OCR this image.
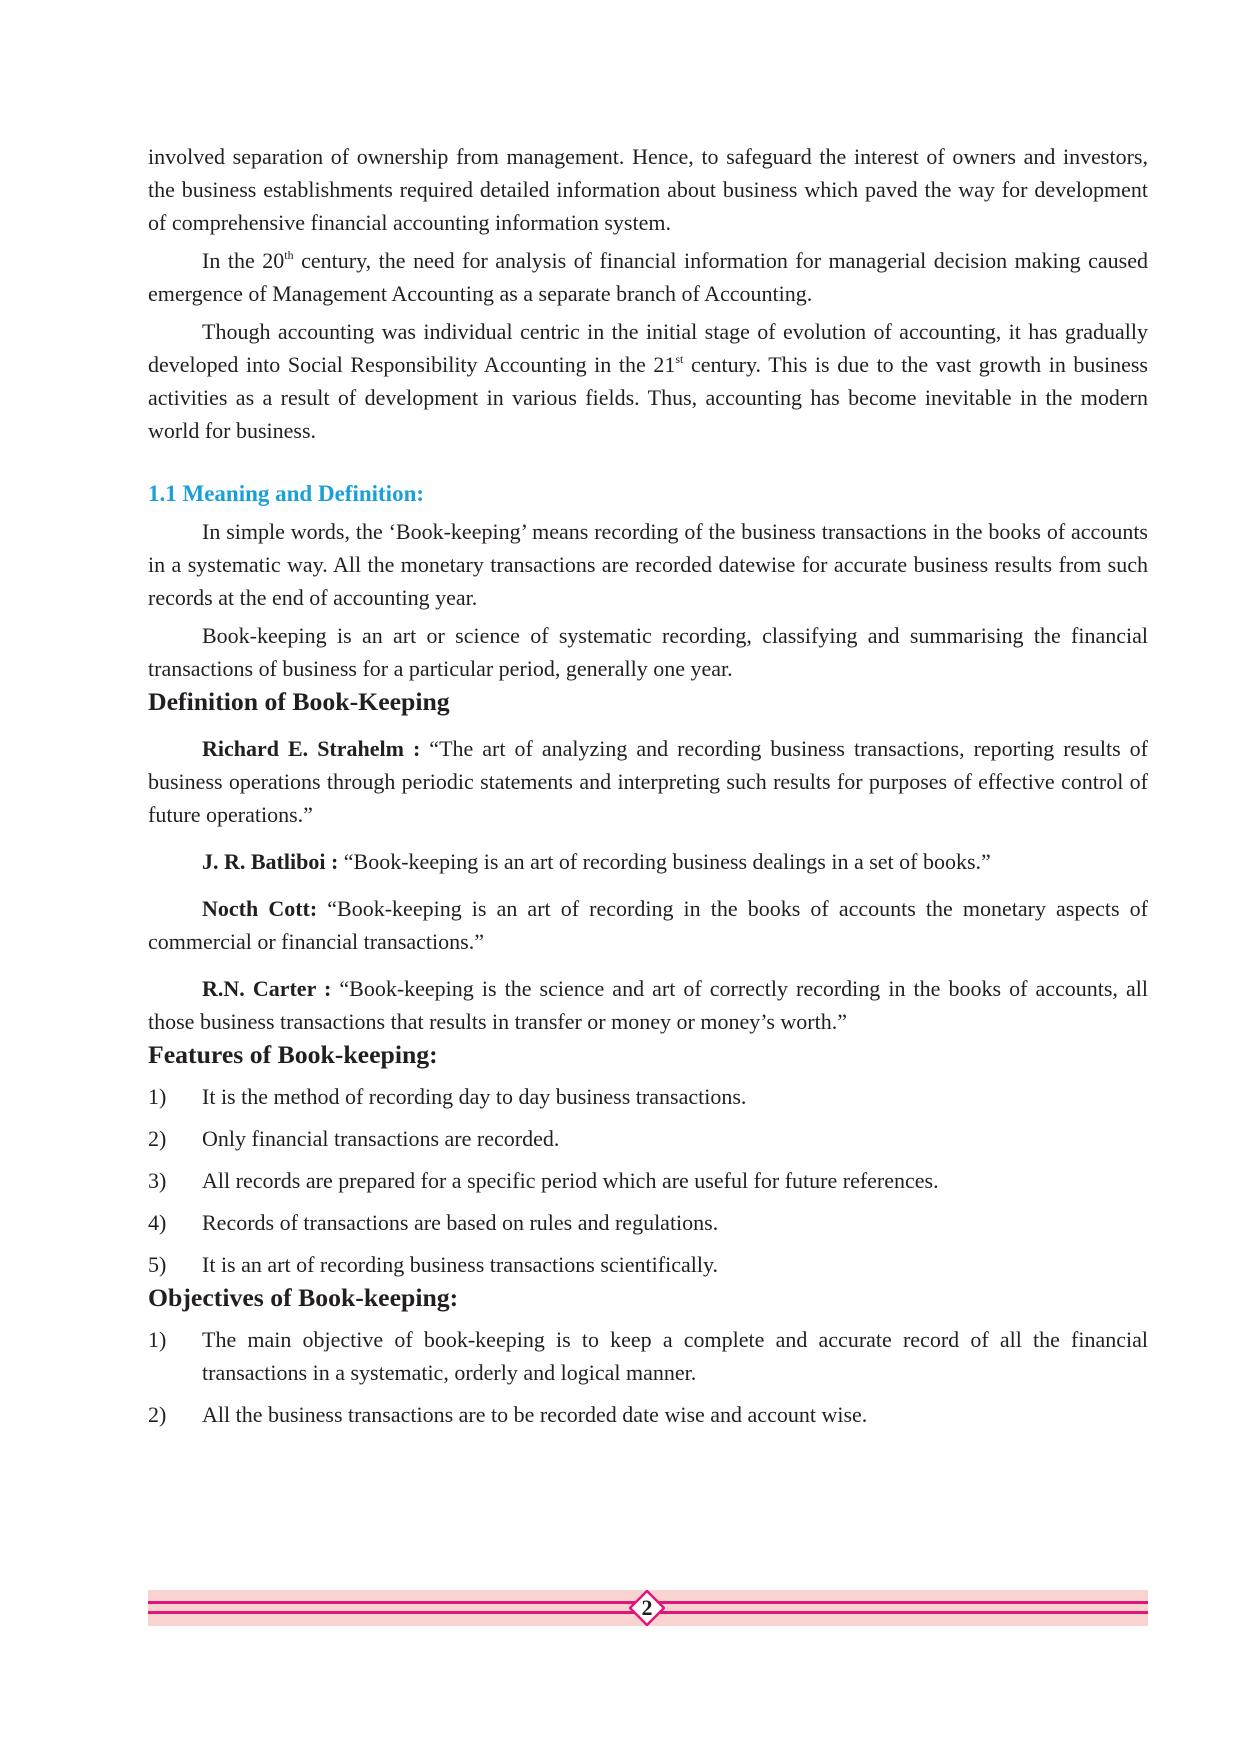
involved separation of ownership from management. Hence, to safeguard the interest of owners and investors, the business establishments required detailed information about business which paved the way for development of comprehensive financial accounting information system.

In the 20th century, the need for analysis of financial information for managerial decision making caused emergence of Management Accounting as a separate branch of Accounting.

Though accounting was individual centric in the initial stage of evolution of accounting, it has gradually developed into Social Responsibility Accounting in the 21st century. This is due to the vast growth in business activities as a result of development in various fields. Thus, accounting has become inevitable in the modern world for business.

1.1 Meaning and Definition:

In simple words, the ‘Book-keeping’ means recording of the business transactions in the books of accounts in a systematic way. All the monetary transactions are recorded datewise for accurate business results from such records at the end of accounting year.

Book-keeping is an art or science of systematic recording, classifying and summarising the financial transactions of business for a particular period, generally one year.

Definition of Book-Keeping

Richard E. Strahelm : “The art of analyzing and recording business transactions, reporting results of business operations through periodic statements and interpreting such results for purposes of effective control of future operations.”

J. R. Batliboi : “Book-keeping is an art of recording business dealings in a set of books.”

Nocth Cott: “Book-keeping is an art of recording in the books of accounts the monetary aspects of commercial or financial transactions.”

R.N. Carter : “Book-keeping is the science and art of correctly recording in the books of accounts, all those business transactions that results in transfer or money or money’s worth.”

Features of Book-keeping:
1)	It is the method of recording day to day business transactions.
2)	Only financial transactions are recorded.
3)	All records are prepared for a specific period which are useful for future references.
4)	Records of transactions are based on rules and regulations.
5)	It is an art of recording business transactions scientifically.
Objectives of Book-keeping:
1)	The main objective of book-keeping is to keep a complete and accurate record of all the financial transactions in a systematic, orderly and logical manner.
2)	All the business transactions are to be recorded date wise and account wise.
2
